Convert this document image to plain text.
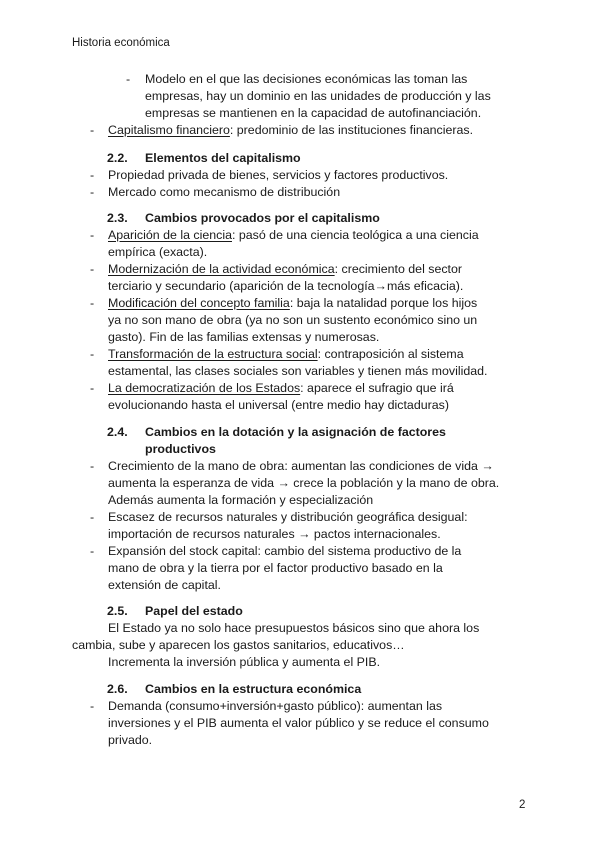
Historia económica
- Modelo en el que las decisiones económicas las toman las
empresas, hay un dominio en las unidades de producción y las
empresas se mantienen en la capacidad de autofinanciación.
- Capitalismo financiero: predominio de las instituciones financieras.
2.2. Elementos del capitalismo
- Propiedad privada de bienes, servicios y factores productivos.
- Mercado como mecanismo de distribución
2.3. Cambios provocados por el capitalismo
- Aparición de la ciencia: pasó de una ciencia teológica a una ciencia
empírica (exacta).
- Modernización de la actividad económica: crecimiento del sector
terciario y secundario (aparición de la tecnología→más eficacia).
- Modificación del concepto familia: baja la natalidad porque los hijos
ya no son mano de obra (ya no son un sustento económico sino un
gasto). Fin de las familias extensas y numerosas.
- Transformación de la estructura social: contraposición al sistema
estamental, las clases sociales son variables y tienen más movilidad.
- La democratización de los Estados: aparece el sufragio que irá
evolucionando hasta el universal (entre medio hay dictaduras)
2.4. Cambios en la dotación y la asignación de factores
productivos
- Crecimiento de la mano de obra: aumentan las condiciones de vida →
aumenta la esperanza de vida → crece la población y la mano de obra.
Además aumenta la formación y especialización
- Escasez de recursos naturales y distribución geográfica desigual:
importación de recursos naturales → pactos internacionales.
- Expansión del stock capital: cambio del sistema productivo de la
mano de obra y la tierra por el factor productivo basado en la
extensión de capital.
2.5. Papel del estado
El Estado ya no solo hace presupuestos básicos sino que ahora los
cambia, sube y aparecen los gastos sanitarios, educativos…
Incrementa la inversión pública y aumenta el PIB.
2.6. Cambios en la estructura económica
- Demanda (consumo+inversión+gasto público): aumentan las
inversiones y el PIB aumenta el valor público y se reduce el consumo
privado.
2
